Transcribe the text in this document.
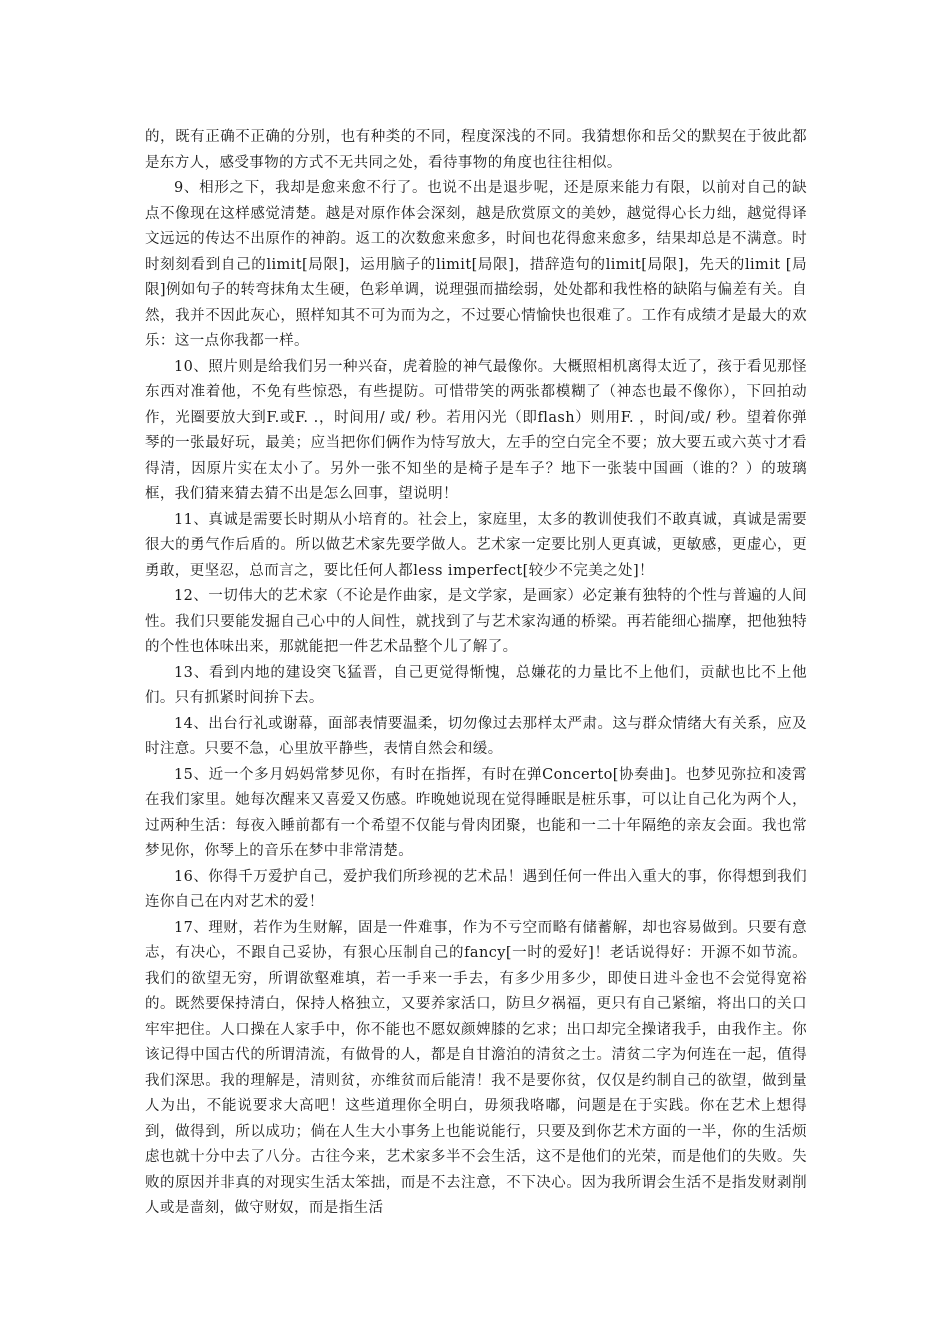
的，既有正确不正确的分别，也有种类的不同，程度深浅的不同。我猜想你和岳父的默契在于彼此都是东方人，感受事物的方式不无共同之处，看待事物的角度也往往相似。

9、相形之下，我却是愈来愈不行了。也说不出是退步呢，还是原来能力有限，以前对自己的缺点不像现在这样感觉清楚。越是对原作体会深刻，越是欣赏原文的美妙，越觉得心长力绌，越觉得译文远远的传达不出原作的神韵。返工的次数愈来愈多，时间也花得愈来愈多，结果却总是不满意。时时刻刻看到自己的limit[局限]，运用脑子的limit[局限]，措辞造句的limit[局限]，先天的limit [局限]例如句子的转弯抹角太生硬，色彩单调，说理强而描绘弱，处处都和我性格的缺陷与偏差有关。自然，我并不因此灰心，照样知其不可为而为之，不过要心情愉快也很难了。工作有成绩才是最大的欢乐：这一点你我都一样。

10、照片则是给我们另一种兴奋，虎着脸的神气最像你。大概照相机离得太近了，孩于看见那怪东西对准着他，不免有些惊恐，有些提防。可惜带笑的两张都模糊了（神态也最不像你），下回拍动作，光圈要放大到F.或F. .，时间用/ 或/ 秒。若用闪光（即flash）则用F. ，时间/或/ 秒。望着你弹琴的一张最好玩，最美；应当把你们俩作为恃写放大，左手的空白完全不要；放大要五或六英寸才看得清，因原片实在太小了。另外一张不知坐的是椅子是车子？地下一张装中国画（谁的？）的玻璃框，我们猜来猜去猜不出是怎么回事，望说明！

11、真诚是需要长时期从小培育的。社会上，家庭里，太多的教训使我们不敢真诚，真诚是需要很大的勇气作后盾的。所以做艺术家先要学做人。艺术家一定要比别人更真诚，更敏感，更虚心，更勇敢，更坚忍，总而言之，要比任何人都less imperfect[较少不完美之处]！

12、一切伟大的艺术家（不论是作曲家，是文学家，是画家）必定兼有独特的个性与普遍的人间性。我们只要能发掘自己心中的人间性，就找到了与艺术家沟通的桥梁。再若能细心揣摩，把他独特的个性也体味出来，那就能把一件艺术品整个儿了解了。

13、看到内地的建设突飞猛晋，自己更觉得惭愧，总嫌花的力量比不上他们，贡献也比不上他们。只有抓紧时间拚下去。

14、出台行礼或谢幕，面部表情要温柔，切勿像过去那样太严肃。这与群众情绪大有关系，应及时注意。只要不急，心里放平静些，表情自然会和缓。

15、近一个多月妈妈常梦见你，有时在指挥，有时在弹Concerto[协奏曲]。也梦见弥拉和凌霄在我们家里。她每次醒来又喜爱又伤感。昨晚她说现在觉得睡眠是桩乐事，可以让自己化为两个人，过两种生活：每夜入睡前都有一个希望不仅能与骨肉团聚，也能和一二十年隔绝的亲友会面。我也常梦见你，你琴上的音乐在梦中非常清楚。

16、你得千万爱护自己，爱护我们所珍视的艺术品！遇到任何一件出入重大的事，你得想到我们连你自己在内对艺术的爱！

17、理财，若作为生财解，固是一件难事，作为不亏空而略有储蓄解，却也容易做到。只要有意志，有决心，不跟自己妥协，有狠心压制自己的fancy[一时的爱好]！老话说得好：开源不如节流。我们的欲望无穷，所谓欲壑难填，若一手来一手去，有多少用多少，即使日进斗金也不会觉得宽裕的。既然要保持清白，保持人格独立，又要养家活口，防旦夕祸福，更只有自己紧缩，将出口的关口牢牢把住。人口操在人家手中，你不能也不愿奴颜婢膝的乞求；出口却完全操诸我手，由我作主。你该记得中国古代的所谓清流，有做骨的人，都是自甘澹泊的清贫之士。清贫二字为何连在一起，值得我们深思。我的理解是，清则贫，亦维贫而后能清！我不是要你贫，仅仅是约制自己的欲望，做到量人为出，不能说要求大高吧！这些道理你全明白，毋须我咯嘟，问题是在于实践。你在艺术上想得到，做得到，所以成功；倘在人生大小事务上也能说能行，只要及到你艺术方面的一半，你的生活烦虑也就十分中去了八分。古往今来，艺术家多半不会生活，这不是他们的光荣，而是他们的失败。失败的原因并非真的对现实生活太笨拙，而是不去注意，不下决心。因为我所谓会生活不是指发财剥削人或是啬刻，做守财奴，而是指生活
